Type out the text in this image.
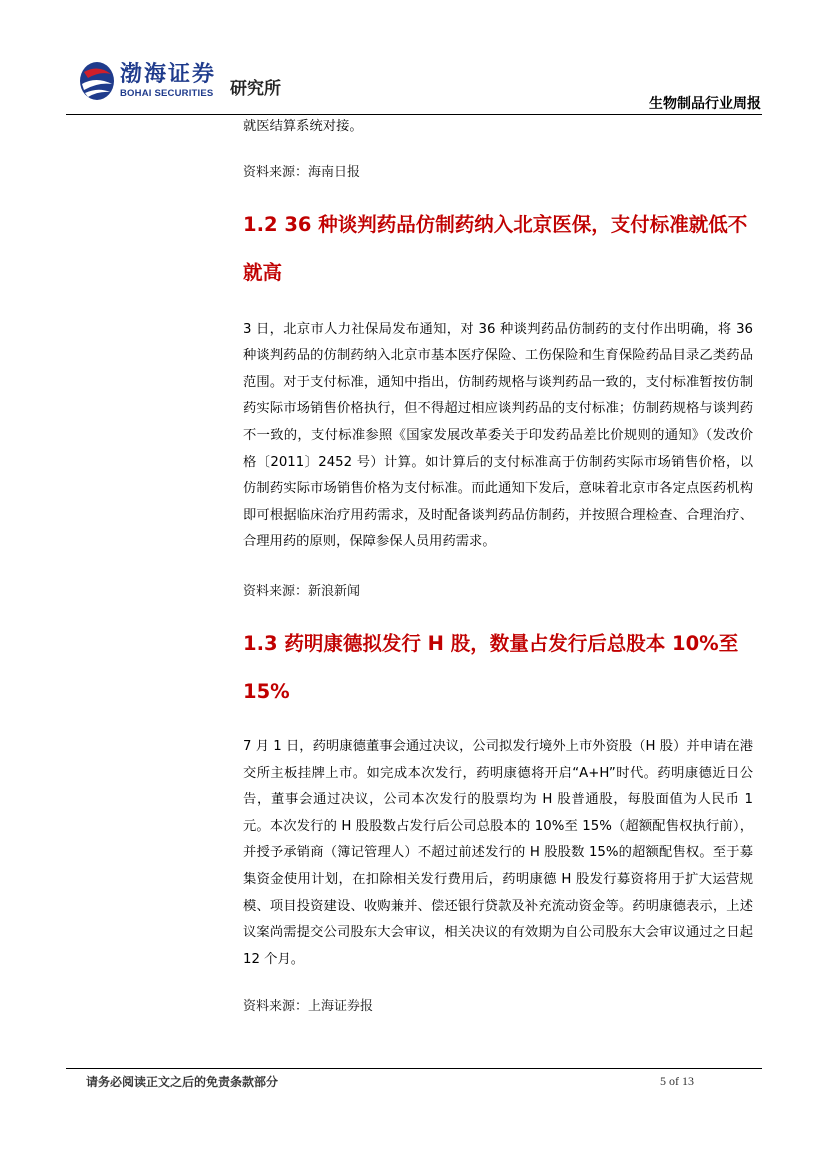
渤海证券
BOHAI SECURITIES 研究所
生物制品行业周报

就医结算系统对接。

资料来源：海南日报

1.2 36 种谈判药品仿制药纳入北京医保，支付标准就低不就高

3 日，北京市人力社保局发布通知，对 36 种谈判药品仿制药的支付作出明确，将 36 种谈判药品的仿制药纳入北京市基本医疗保险、工伤保险和生育保险药品目录乙类药品范围。对于支付标准，通知中指出，仿制药规格与谈判药品一致的，支付标准暂按仿制药实际市场销售价格执行，但不得超过相应谈判药品的支付标准；仿制药规格与谈判药不一致的，支付标准参照《国家发展改革委关于印发药品差比价规则的通知》（发改价格〔2011〕2452 号）计算。如计算后的支付标准高于仿制药实际市场销售价格，以仿制药实际市场销售价格为支付标准。而此通知下发后，意味着北京市各定点医药机构即可根据临床治疗用药需求，及时配备谈判药品仿制药，并按照合理检查、合理治疗、合理用药的原则，保障参保人员用药需求。

资料来源：新浪新闻

1.3 药明康德拟发行 H 股，数量占发行后总股本 10%至 15%

7 月 1 日，药明康德董事会通过决议，公司拟发行境外上市外资股（H 股）并申请在港交所主板挂牌上市。如完成本次发行，药明康德将开启“A+H”时代。药明康德近日公告，董事会通过决议，公司本次发行的股票均为 H 股普通股，每股面值为人民币 1 元。本次发行的 H 股股数占发行后公司总股本的 10%至 15%（超额配售权执行前），并授予承销商（簿记管理人）不超过前述发行的 H 股股数 15%的超额配售权。至于募集资金使用计划，在扣除相关发行费用后，药明康德 H 股发行募资将用于扩大运营规模、项目投资建设、收购兼并、偿还银行贷款及补充流动资金等。药明康德表示，上述议案尚需提交公司股东大会审议，相关决议的有效期为自公司股东大会审议通过之日起 12 个月。

资料来源：上海证券报

请务必阅读正文之后的免责条款部分	5 of 13
